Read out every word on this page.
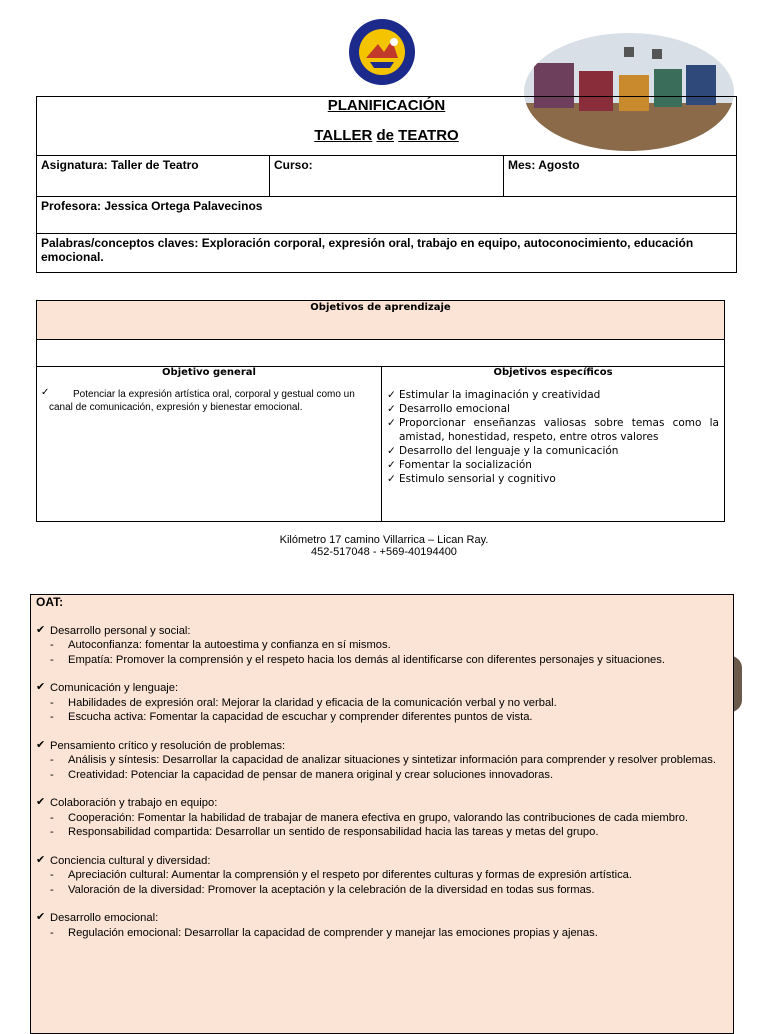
PLANIFICACIÓN
TALLER de TEATRO
Asignatura: Taller de Teatro	Curso:	Mes: Agosto
Profesora: Jessica Ortega Palavecinos
Palabras/conceptos claves: Exploración corporal, expresión oral, trabajo en equipo, autoconocimiento, educación emocional.
Objetivos de aprendizaje
Objetivo general
✓ Potenciar la expresión artística oral, corporal y gestual como un canal de comunicación, expresión y bienestar emocional.
Objetivos específicos
✓ Estimular la imaginación y creatividad
✓ Desarrollo emocional
✓ Proporcionar enseñanzas valiosas sobre temas como la amistad, honestidad, respeto, entre otros valores
✓ Desarrollo del lenguaje y la comunicación
✓ Fomentar la socialización
✓ Estimulo sensorial y cognitivo
Kilómetro 17 camino Villarrica – Lican Ray.
452-517048 - +569-40194400
OAT:
✔ Desarrollo personal y social:
- Autoconfianza: fomentar la autoestima y confianza en sí mismos.
- Empatía: Promover la comprensión y el respeto hacia los demás al identificarse con diferentes personajes y situaciones.
✔ Comunicación y lenguaje:
- Habilidades de expresión oral: Mejorar la claridad y eficacia de la comunicación verbal y no verbal.
- Escucha activa: Fomentar la capacidad de escuchar y comprender diferentes puntos de vista.
✔ Pensamiento crítico y resolución de problemas:
- Análisis y síntesis: Desarrollar la capacidad de analizar situaciones y sintetizar información para comprender y resolver problemas.
- Creatividad: Potenciar la capacidad de pensar de manera original y crear soluciones innovadoras.
✔ Colaboración y trabajo en equipo:
- Cooperación: Fomentar la habilidad de trabajar de manera efectiva en grupo, valorando las contribuciones de cada miembro.
- Responsabilidad compartida: Desarrollar un sentido de responsabilidad hacia las tareas y metas del grupo.
✔ Conciencia cultural y diversidad:
- Apreciación cultural: Aumentar la comprensión y el respeto por diferentes culturas y formas de expresión artística.
- Valoración de la diversidad: Promover la aceptación y la celebración de la diversidad en todas sus formas.
✔ Desarrollo emocional:
- Regulación emocional: Desarrollar la capacidad de comprender y manejar las emociones propias y ajenas.
